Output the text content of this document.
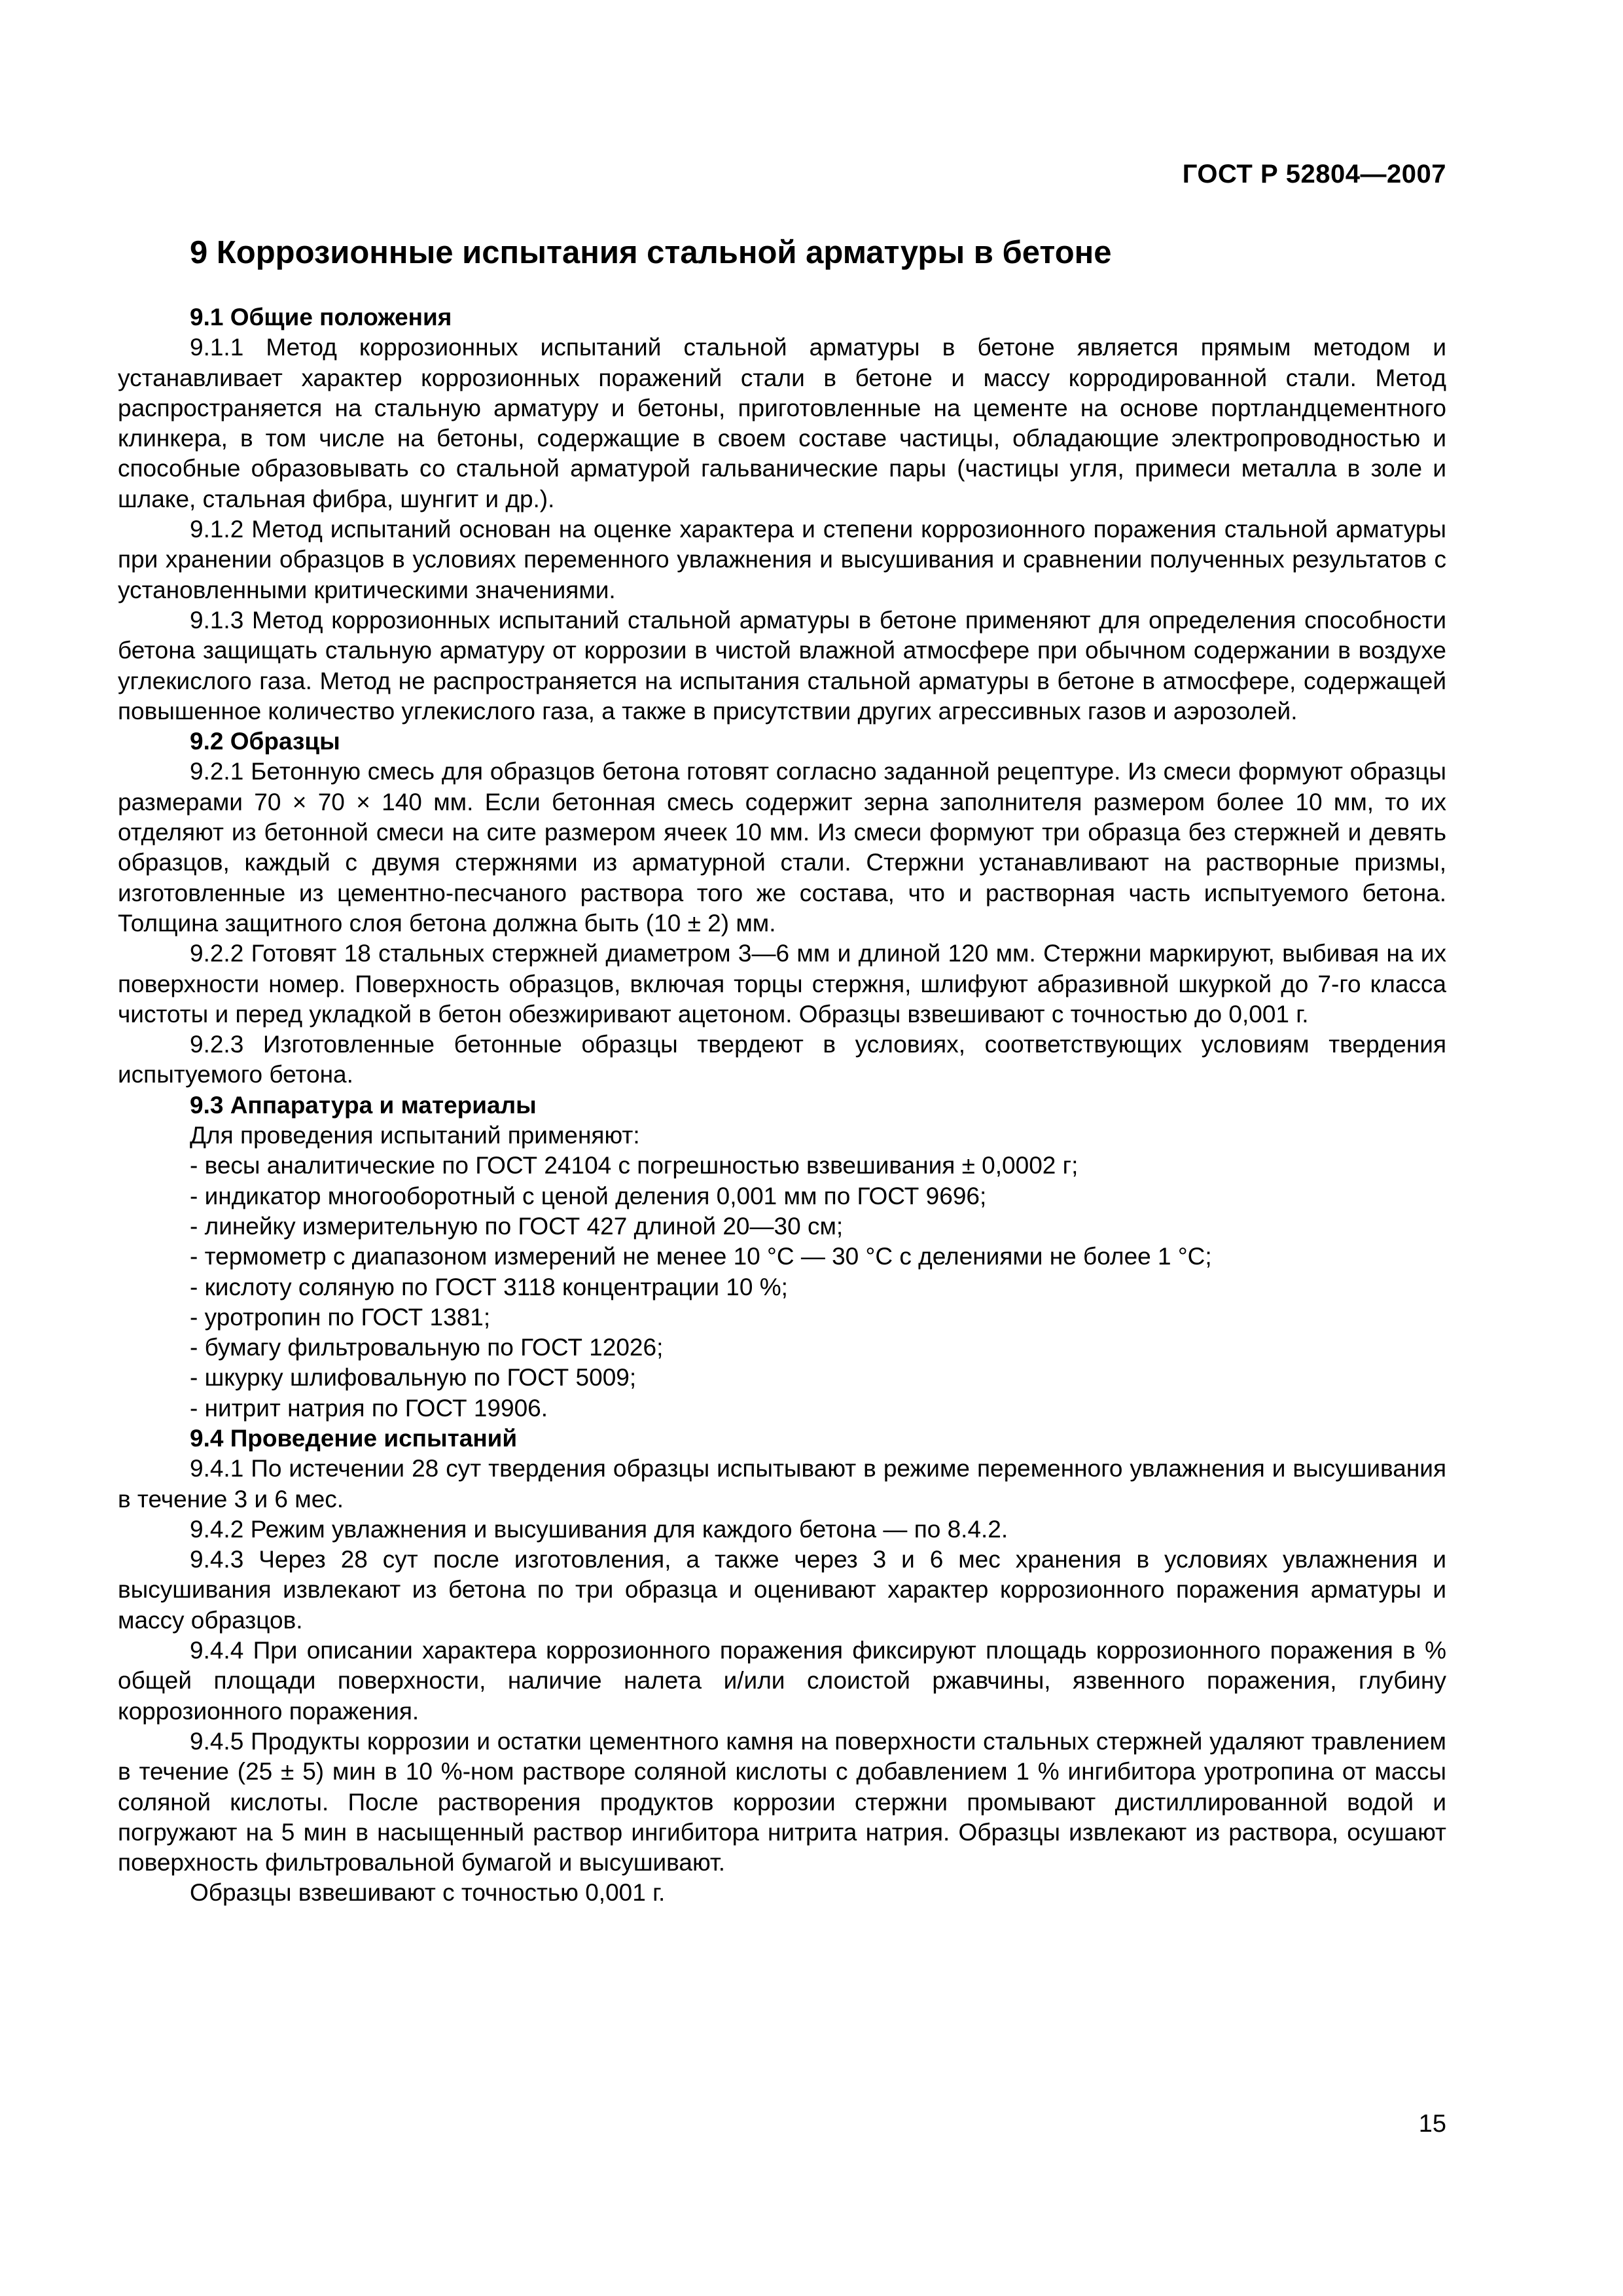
ГОСТ Р 52804—2007
9 Коррозионные испытания стальной арматуры в бетоне
9.1 Общие положения

9.1.1 Метод коррозионных испытаний стальной арматуры в бетоне является прямым методом и устанавливает характер коррозионных поражений стали в бетоне и массу корродированной стали. Метод распространяется на стальную арматуру и бетоны, приготовленные на цементе на основе портландцементного клинкера, в том числе на бетоны, содержащие в своем составе частицы, обладающие электропроводностью и способные образовывать со стальной арматурой гальванические пары (частицы угля, примеси металла в золе и шлаке, стальная фибра, шунгит и др.).

9.1.2 Метод испытаний основан на оценке характера и степени коррозионного поражения стальной арматуры при хранении образцов в условиях переменного увлажнения и высушивания и сравнении полученных результатов с установленными критическими значениями.

9.1.3 Метод коррозионных испытаний стальной арматуры в бетоне применяют для определения способности бетона защищать стальную арматуру от коррозии в чистой влажной атмосфере при обычном содержании в воздухе углекислого газа. Метод не распространяется на испытания стальной арматуры в бетоне в атмосфере, содержащей повышенное количество углекислого газа, а также в присутствии других агрессивных газов и аэрозолей.

9.2 Образцы

9.2.1 Бетонную смесь для образцов бетона готовят согласно заданной рецептуре. Из смеси формуют образцы размерами 70 × 70 × 140 мм. Если бетонная смесь содержит зерна заполнителя размером более 10 мм, то их отделяют из бетонной смеси на сите размером ячеек 10 мм. Из смеси формуют три образца без стержней и девять образцов, каждый с двумя стержнями из арматурной стали. Стержни устанавливают на растворные призмы, изготовленные из цементно-песчаного раствора того же состава, что и растворная часть испытуемого бетона. Толщина защитного слоя бетона должна быть (10 ± 2) мм.

9.2.2 Готовят 18 стальных стержней диаметром 3—6 мм и длиной 120 мм. Стержни маркируют, выбивая на их поверхности номер. Поверхность образцов, включая торцы стержня, шлифуют абразивной шкуркой до 7-го класса чистоты и перед укладкой в бетон обезжиривают ацетоном. Образцы взвешивают с точностью до 0,001 г.

9.2.3 Изготовленные бетонные образцы твердеют в условиях, соответствующих условиям твердения испытуемого бетона.

9.3 Аппаратура и материалы

Для проведения испытаний применяют:

- весы аналитические по ГОСТ 24104 с погрешностью взвешивания ± 0,0002 г;
- индикатор многооборотный с ценой деления 0,001 мм по ГОСТ 9696;
- линейку измерительную по ГОСТ 427 длиной 20—30 см;
- термометр с диапазоном измерений не менее 10 °С — 30 °С с делениями не более 1 °С;
- кислоту соляную по ГОСТ 3118 концентрации 10 %;
- уротропин по ГОСТ 1381;
- бумагу фильтровальную по ГОСТ 12026;
- шкурку шлифовальную по ГОСТ 5009;
- нитрит натрия по ГОСТ 19906.
9.4 Проведение испытаний

9.4.1 По истечении 28 сут твердения образцы испытывают в режиме переменного увлажнения и высушивания в течение 3 и 6 мес.

9.4.2 Режим увлажнения и высушивания для каждого бетона — по 8.4.2.

9.4.3 Через 28 сут после изготовления, а также через 3 и 6 мес хранения в условиях увлажнения и высушивания извлекают из бетона по три образца и оценивают характер коррозионного поражения арматуры и массу образцов.

9.4.4 При описании характера коррозионного поражения фиксируют площадь коррозионного поражения в % общей площади поверхности, наличие налета и/или слоистой ржавчины, язвенного поражения, глубину коррозионного поражения.

9.4.5 Продукты коррозии и остатки цементного камня на поверхности стальных стержней удаляют травлением в течение (25 ± 5) мин в 10 %-ном растворе соляной кислоты с добавлением 1 % ингибитора уротропина от массы соляной кислоты. После растворения продуктов коррозии стержни промывают дистиллированной водой и погружают на 5 мин в насыщенный раствор ингибитора нитрита натрия. Образцы извлекают из раствора, осушают поверхность фильтровальной бумагой и высушивают.

Образцы взвешивают с точностью 0,001 г.

15
